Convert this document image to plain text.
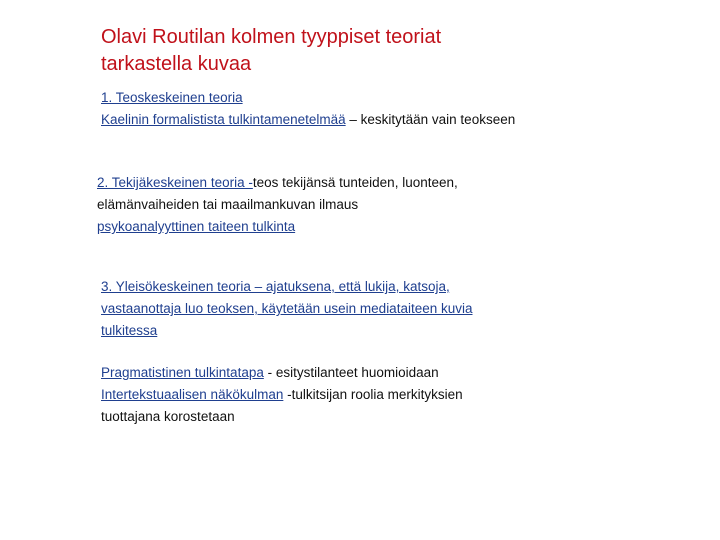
Olavi Routilan kolmen tyyppiset teoriat
tarkastella kuvaa
1. Teoskeskeinen teoria
Kaelinin formalistista tulkintamenetelmää – keskitytään vain teokseen
2. Tekijäkeskeinen teoria -teos tekijänsä tunteiden, luonteen,
elämänvaiheiden tai maailmankuvan ilmaus
psykoanalyyttinen taiteen tulkinta
3. Yleisökeskeinen teoria – ajatuksena, että lukija, katsoja,
vastaanottaja luo teoksen, käytetään usein mediataiteen kuvia
tulkitessa
Pragmatistinen tulkintatapa - esitystilanteet huomioidaan
Intertekstuaalisen näkökulman -tulkitsijan roolia merkityksien
tuottajana korostetaan
